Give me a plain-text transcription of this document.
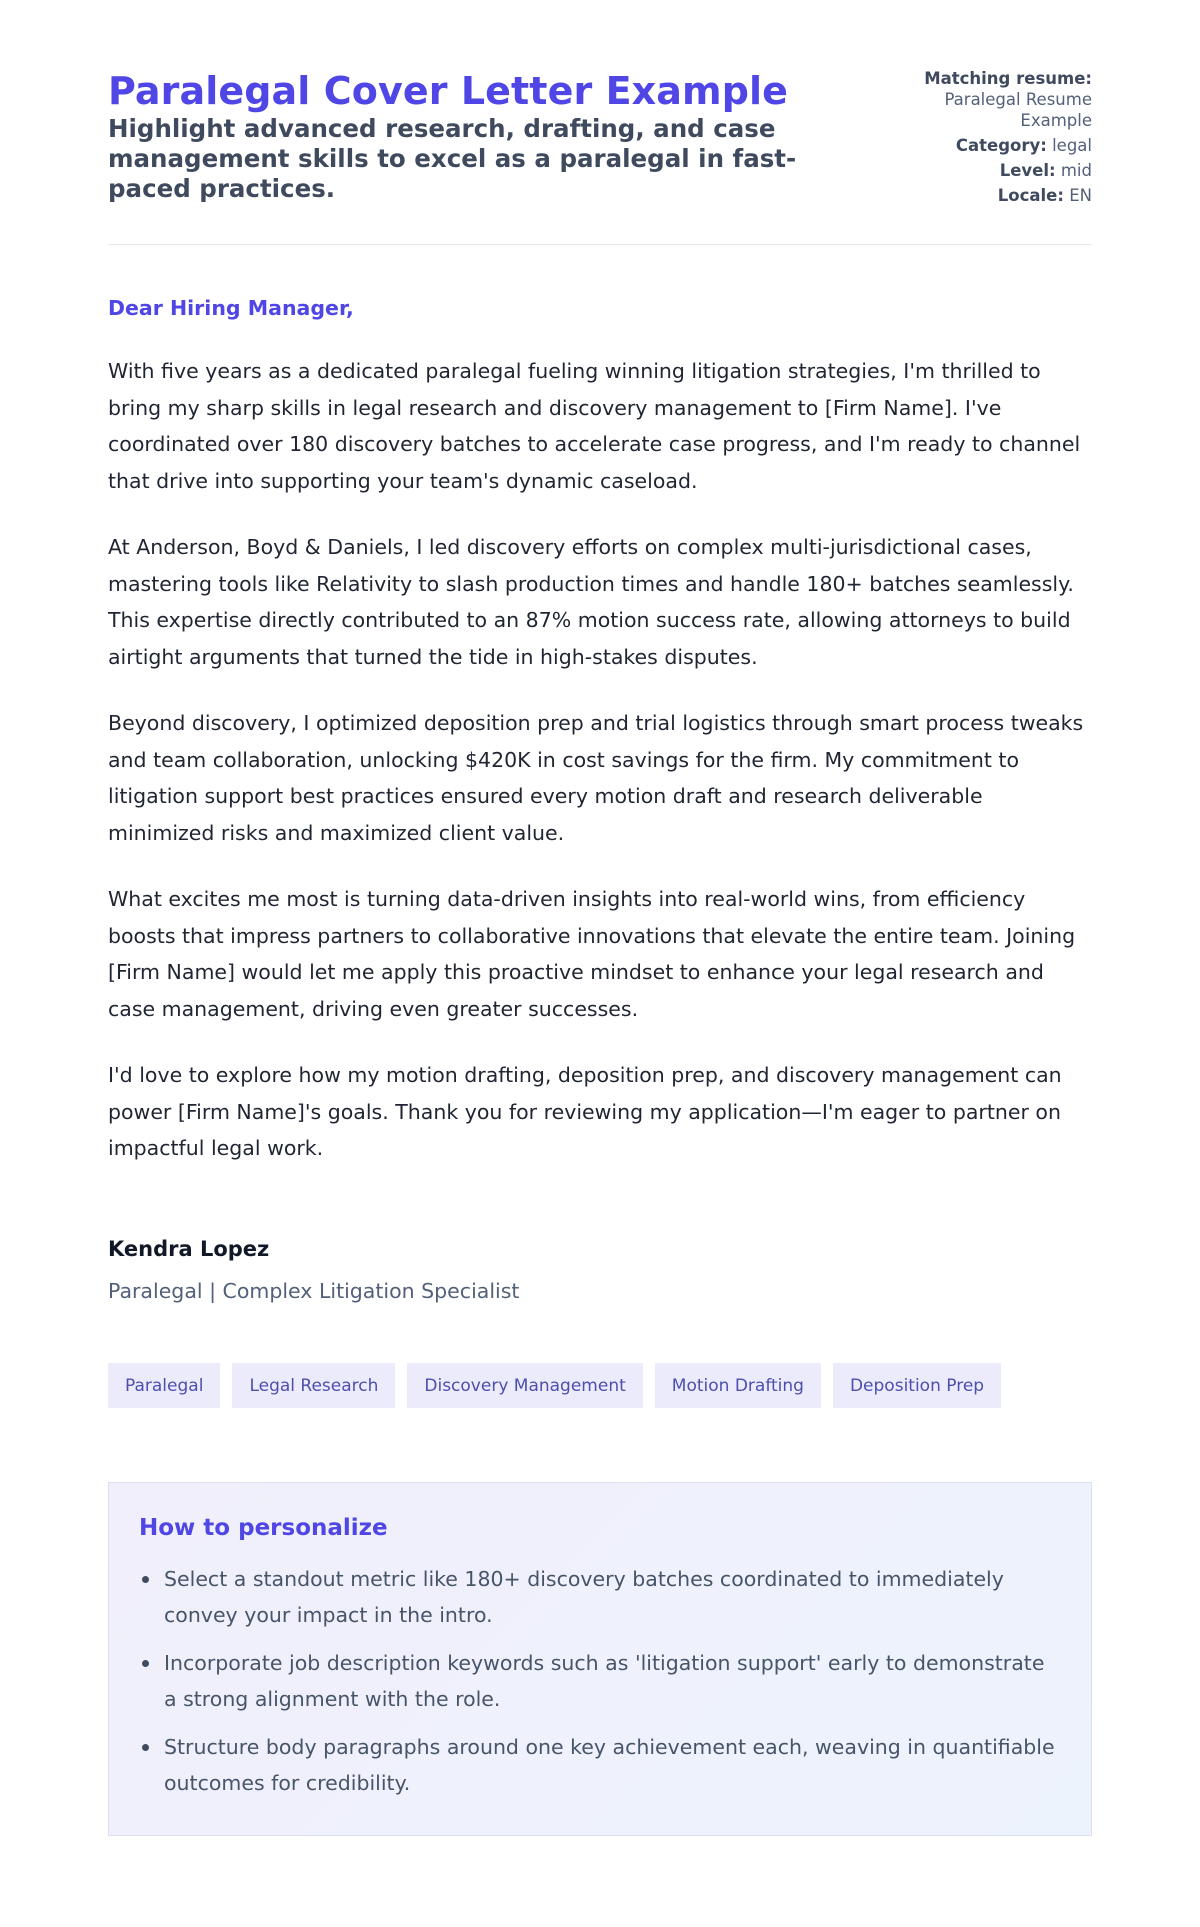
Paralegal Cover Letter Example
Highlight advanced research, drafting, and case management skills to excel as a paralegal in fast-paced practices.
Matching resume:
Paralegal Resume Example
Category: legal
Level: mid
Locale: EN
Dear Hiring Manager,

With five years as a dedicated paralegal fueling winning litigation strategies, I'm thrilled to bring my sharp skills in legal research and discovery management to [Firm Name]. I've coordinated over 180 discovery batches to accelerate case progress, and I'm ready to channel that drive into supporting your team's dynamic caseload.

At Anderson, Boyd & Daniels, I led discovery efforts on complex multi-jurisdictional cases, mastering tools like Relativity to slash production times and handle 180+ batches seamlessly. This expertise directly contributed to an 87% motion success rate, allowing attorneys to build airtight arguments that turned the tide in high-stakes disputes.

Beyond discovery, I optimized deposition prep and trial logistics through smart process tweaks and team collaboration, unlocking $420K in cost savings for the firm. My commitment to litigation support best practices ensured every motion draft and research deliverable minimized risks and maximized client value.

What excites me most is turning data-driven insights into real-world wins, from efficiency boosts that impress partners to collaborative innovations that elevate the entire team. Joining [Firm Name] would let me apply this proactive mindset to enhance your legal research and case management, driving even greater successes.

I'd love to explore how my motion drafting, deposition prep, and discovery management can power [Firm Name]'s goals. Thank you for reviewing my application—I'm eager to partner on impactful legal work.

Kendra Lopez
Paralegal | Complex Litigation Specialist
Paralegal	Legal Research	Discovery Management	Motion Drafting	Deposition Prep
How to personalize
Select a standout metric like 180+ discovery batches coordinated to immediately convey your impact in the intro.
Incorporate job description keywords such as 'litigation support' early to demonstrate a strong alignment with the role.
Structure body paragraphs around one key achievement each, weaving in quantifiable outcomes for credibility.
